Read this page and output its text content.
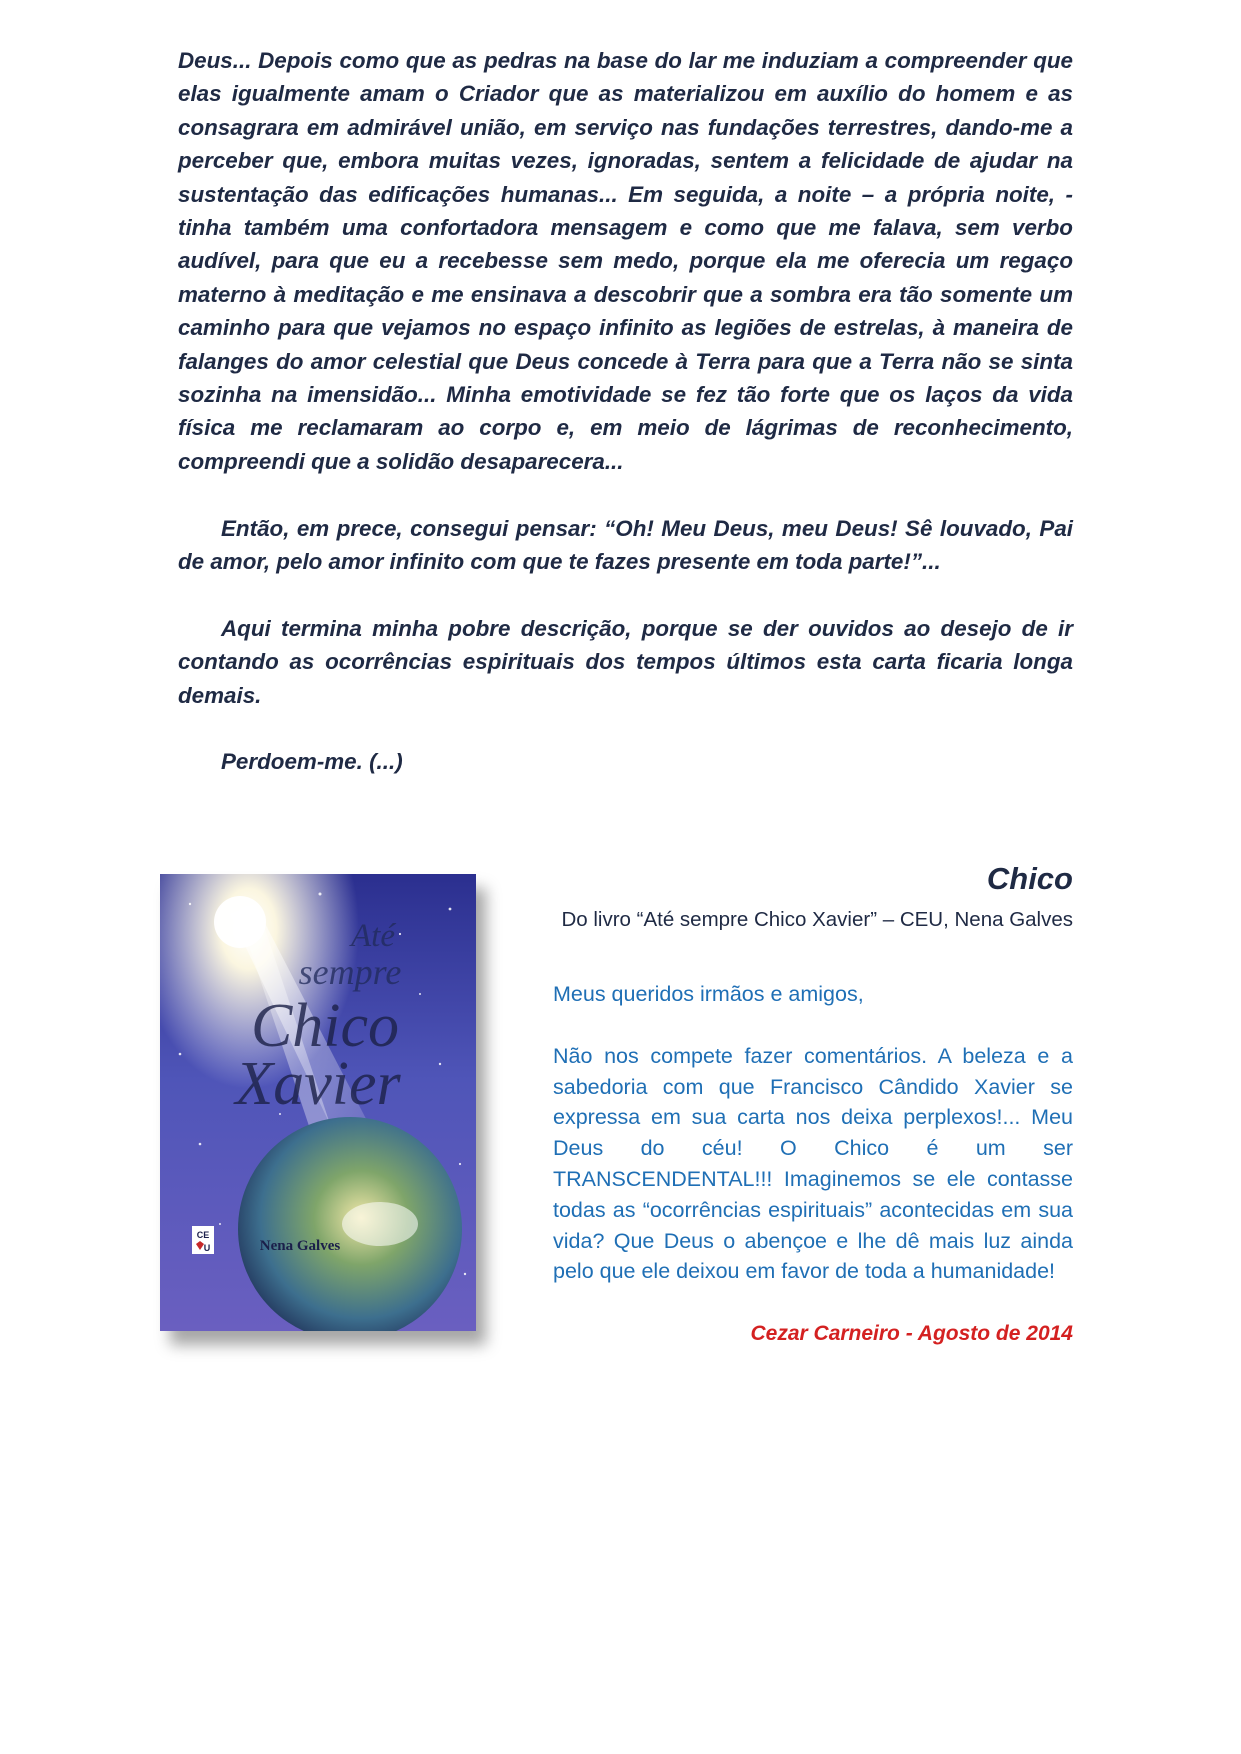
Deus... Depois como que as pedras na base do lar me induziam a compreender que elas igualmente amam o Criador que as materializou em auxílio do homem e as consagrara em admirável união, em serviço nas fundações terrestres, dando-me a perceber que, embora muitas vezes, ignoradas, sentem a felicidade de ajudar na sustentação das edificações humanas... Em seguida, a noite – a própria noite, - tinha também uma confortadora mensagem e como que me falava, sem verbo audível, para que eu a recebesse sem medo, porque ela me oferecia um regaço materno à meditação e me ensinava a descobrir que a sombra era tão somente um caminho para que vejamos no espaço infinito as legiões de estrelas, à maneira de falanges do amor celestial que Deus concede à Terra para que a Terra não se sinta sozinha na imensidão... Minha emotividade se fez tão forte que os laços da vida física me reclamaram ao corpo e, em meio de lágrimas de reconhecimento, compreendi que a solidão desaparecera...

Então, em prece, consegui pensar: “Oh! Meu Deus, meu Deus! Sê louvado, Pai de amor, pelo amor infinito com que te fazes presente em toda parte!”...

Aqui termina minha pobre descrição, porque se der ouvidos ao desejo de ir contando as ocorrências espirituais dos tempos últimos esta carta ficaria longa demais.

Perdoem-me. (...)

Até
sempre
Chico
Xavier
Nena Galves
CE
U

Chico

Do livro “Até sempre Chico Xavier” – CEU, Nena Galves

Meus queridos irmãos e amigos,

Não nos compete fazer comentários. A beleza e a sabedoria com que Francisco Cândido Xavier se expressa em sua carta nos deixa perplexos!... Meu Deus do céu! O Chico é um ser TRANSCENDENTAL!!! Imaginemos se ele contasse todas as “ocorrências espirituais” acontecidas em sua vida? Que Deus o abençoe e lhe dê mais luz ainda pelo que ele deixou em favor de toda a humanidade!

Cezar Carneiro - Agosto de 2014
